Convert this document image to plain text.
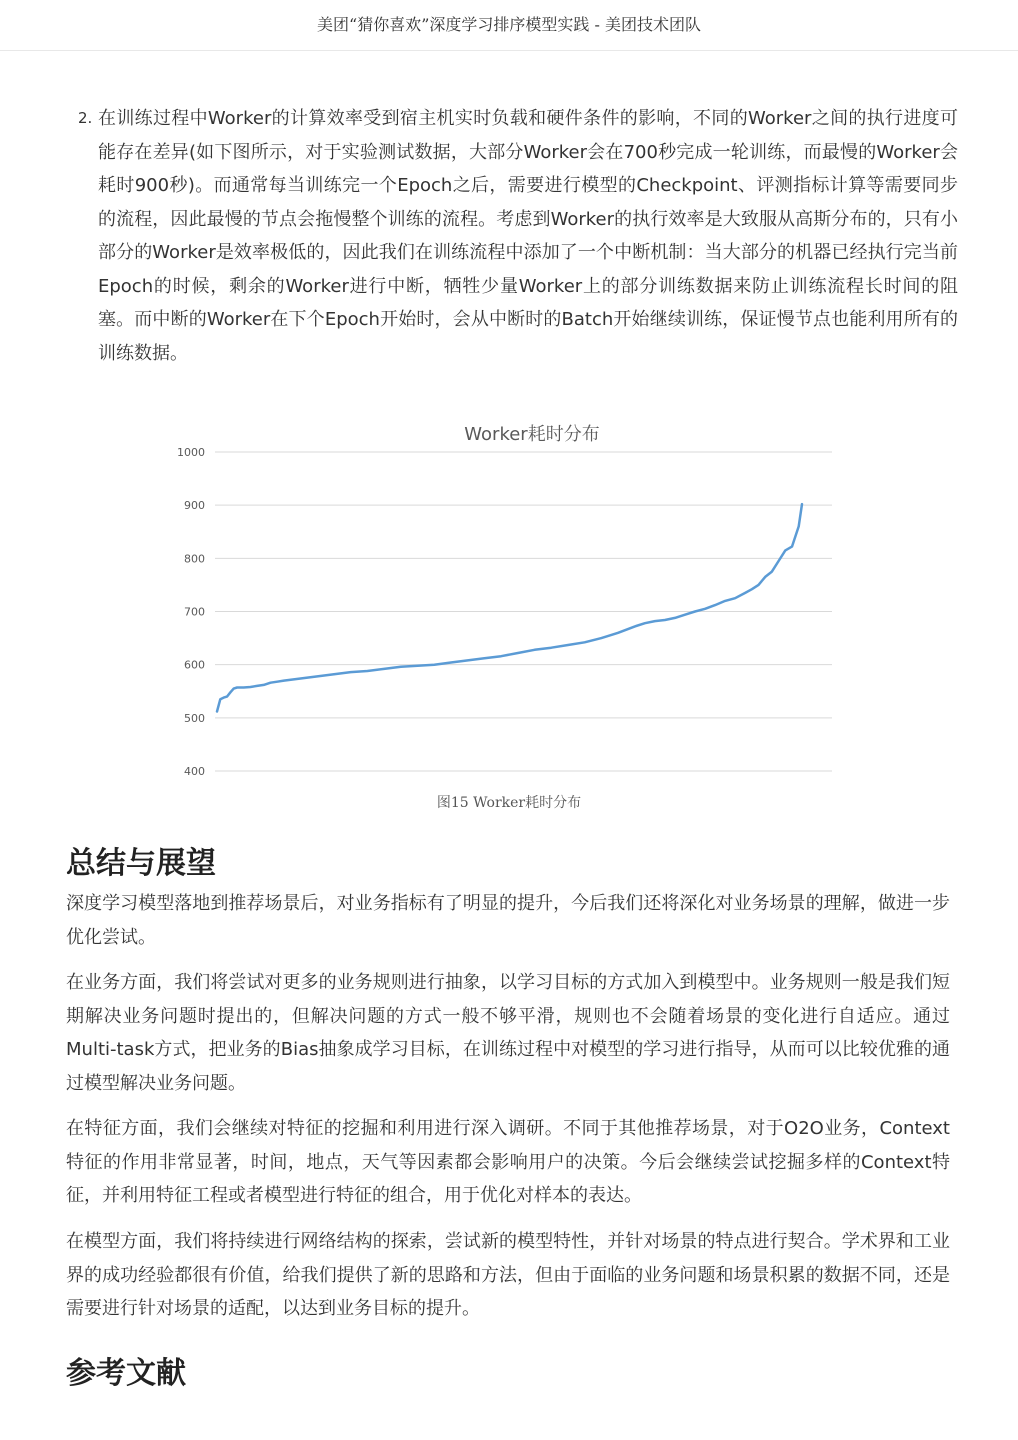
美团“猜你喜欢”深度学习排序模型实践 - 美团技术团队
2. 在训练过程中Worker的计算效率受到宿主机实时负载和硬件条件的影响，不同的Worker之间的执行进度可能存在差异(如下图所示，对于实验测试数据，大部分Worker会在700秒完成一轮训练，而最慢的Worker会耗时900秒)。而通常每当训练完一个Epoch之后，需要进行模型的Checkpoint、评测指标计算等需要同步的流程，因此最慢的节点会拖慢整个训练的流程。考虑到Worker的执行效率是大致服从高斯分布的，只有小部分的Worker是效率极低的，因此我们在训练流程中添加了一个中断机制：当大部分的机器已经执行完当前Epoch的时候，剩余的Worker进行中断，牺牲少量Worker上的部分训练数据来防止训练流程长时间的阻塞。而中断的Worker在下个Epoch开始时，会从中断时的Batch开始继续训练，保证慢节点也能利用所有的训练数据。
Worker耗时分布
400
500
600
700
800
900
1000
图15 Worker耗时分布
总结与展望

深度学习模型落地到推荐场景后，对业务指标有了明显的提升，今后我们还将深化对业务场景的理解，做进一步优化尝试。

在业务方面，我们将尝试对更多的业务规则进行抽象，以学习目标的方式加入到模型中。业务规则一般是我们短期解决业务问题时提出的，但解决问题的方式一般不够平滑，规则也不会随着场景的变化进行自适应。通过Multi-task方式，把业务的Bias抽象成学习目标，在训练过程中对模型的学习进行指导，从而可以比较优雅的通过模型解决业务问题。

在特征方面，我们会继续对特征的挖掘和利用进行深入调研。不同于其他推荐场景，对于O2O业务，Context特征的作用非常显著，时间，地点，天气等因素都会影响用户的决策。今后会继续尝试挖掘多样的Context特征，并利用特征工程或者模型进行特征的组合，用于优化对样本的表达。

在模型方面，我们将持续进行网络结构的探索，尝试新的模型特性，并针对场景的特点进行契合。学术界和工业界的成功经验都很有价值，给我们提供了新的思路和方法，但由于面临的业务问题和场景积累的数据不同，还是需要进行针对场景的适配，以达到业务目标的提升。

参考文献
